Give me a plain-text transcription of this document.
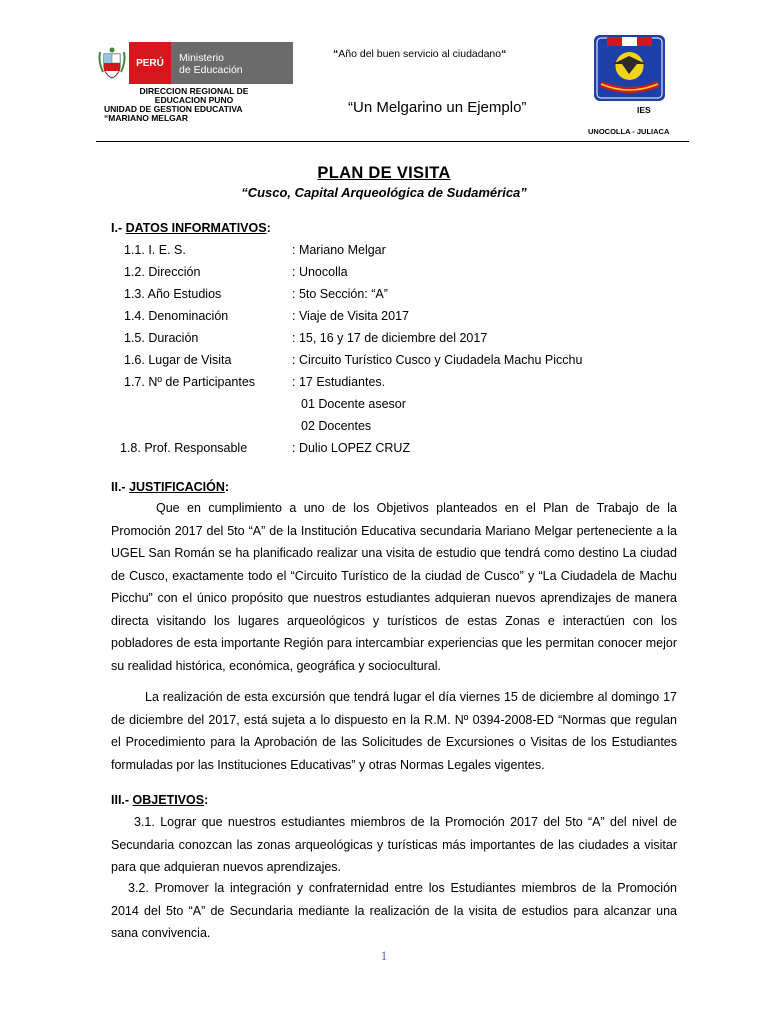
PERÚ	Ministerio
de Educación
DIRECCION REGIONAL DE
EDUCACION PUNO
UNIDAD DE GESTION EDUCATIVA
“MARIANO MELGAR
“Año del buen servicio al ciudadano“
“Un Melgarino un Ejemplo”	IES
UNOCOLLA - JULIACA
PLAN DE VISITA
“Cusco, Capital Arqueológica de Sudamérica”
I.- DATOS INFORMATIVOS:
1.1. I. E. S.	: Mariano Melgar
1.2. Dirección	: Unocolla
1.3. Año Estudios	: 5to Sección: “A”
1.4. Denominación	: Viaje de Visita 2017
1.5. Duración	: 15, 16 y 17 de diciembre del 2017
1.6. Lugar de Visita	: Circuito Turístico Cusco y Ciudadela Machu Picchu
1.7. Nº de Participantes	: 17 Estudiantes.
01 Docente asesor
02 Docentes
1.8. Prof. Responsable	: Dulio LOPEZ CRUZ
II.- JUSTIFICACIÓN:
Que en cumplimiento a uno de los Objetivos planteados en el Plan de Trabajo de la Promoción 2017 del 5to “A” de la Institución Educativa secundaria Mariano Melgar perteneciente a la UGEL San Román se ha planificado realizar una visita de estudio que tendrá como destino La ciudad de Cusco, exactamente todo el “Circuito Turístico de la ciudad de Cusco” y “La Ciudadela de Machu Picchu” con el único propósito que nuestros estudiantes adquieran nuevos aprendizajes de manera directa visitando los lugares arqueológicos y turísticos de estas Zonas e interactúen con los pobladores de esta importante Región para intercambiar experiencias que les permitan conocer mejor su realidad histórica, económica, geográfica y sociocultural.
La realización de esta excursión que tendrá lugar el día viernes 15 de diciembre al domingo 17 de diciembre del 2017, está sujeta a lo dispuesto en la R.M. Nº 0394-2008-ED “Normas que regulan el Procedimiento para la Aprobación de las Solicitudes de Excursiones o Visitas de los Estudiantes formuladas por las Instituciones Educativas” y otras Normas Legales vigentes.
III.- OBJETIVOS:
3.1. Lograr que nuestros estudiantes miembros de la Promoción 2017 del 5to “A” del nivel de Secundaria conozcan las zonas arqueológicas y turísticas más importantes de las ciudades a visitar para que adquieran nuevos aprendizajes.
3.2. Promover la integración y confraternidad entre los Estudiantes miembros de la Promoción 2014 del 5to “A” de Secundaria mediante la realización de la visita de estudios para alcanzar una sana convivencia.
1
